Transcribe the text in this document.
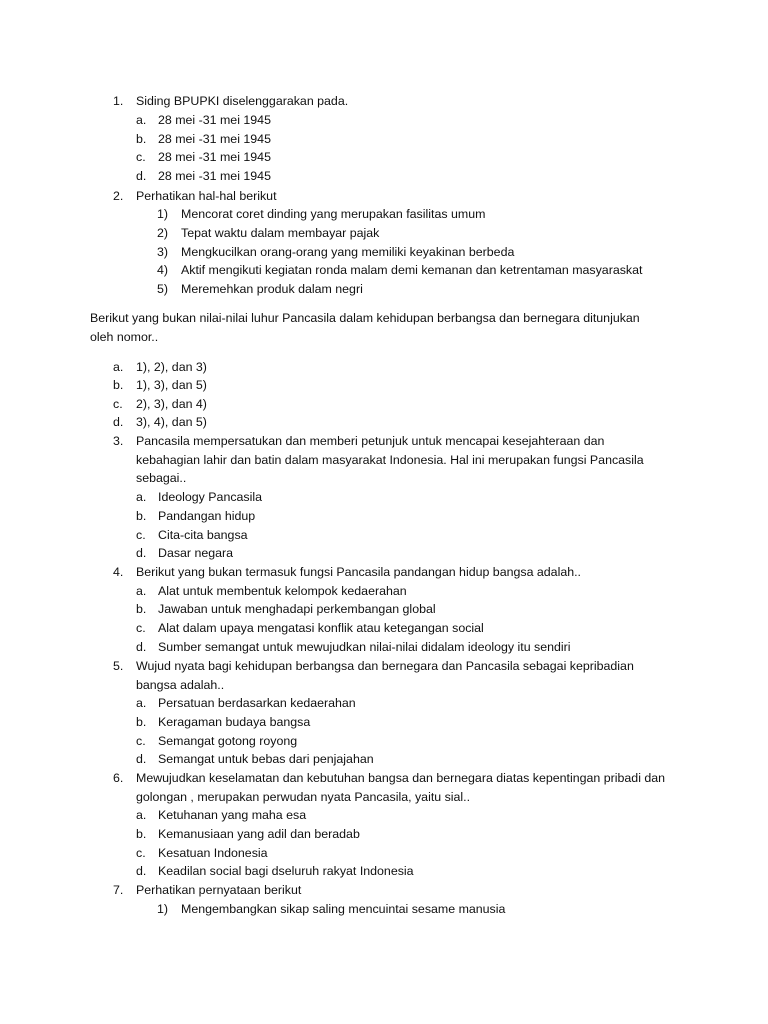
1. Siding BPUPKI diselenggarakan pada.
a. 28 mei -31 mei 1945
b. 28 mei -31 mei 1945
c. 28 mei -31 mei 1945
d. 28 mei -31 mei 1945
2. Perhatikan hal-hal berikut
1) Mencorat coret dinding yang merupakan fasilitas umum
2) Tepat waktu dalam membayar pajak
3) Mengkucilkan orang-orang yang memiliki keyakinan berbeda
4) Aktif mengikuti kegiatan ronda malam demi kemanan dan ketrentaman masyaraskat
5) Meremehkan produk dalam negri
Berikut yang bukan nilai-nilai luhur Pancasila dalam kehidupan berbangsa dan bernegara ditunjukan
oleh nomor..
a. 1), 2), dan 3)
b. 1), 3), dan 5)
c. 2), 3), dan 4)
d. 3), 4), dan 5)
3. Pancasila mempersatukan dan memberi petunjuk untuk mencapai kesejahteraan dan
kebahagian lahir dan batin dalam masyarakat Indonesia. Hal ini merupakan fungsi Pancasila
sebagai..
a. Ideology Pancasila
b. Pandangan hidup
c. Cita-cita bangsa
d. Dasar negara
4. Berikut yang bukan termasuk fungsi Pancasila pandangan hidup bangsa adalah..
a. Alat untuk membentuk kelompok kedaerahan
b. Jawaban untuk menghadapi perkembangan global
c. Alat dalam upaya mengatasi konflik atau ketegangan social
d. Sumber semangat untuk mewujudkan nilai-nilai didalam ideology itu sendiri
5. Wujud nyata bagi kehidupan berbangsa dan bernegara dan Pancasila sebagai kepribadian
bangsa adalah..
a. Persatuan berdasarkan kedaerahan
b. Keragaman budaya bangsa
c. Semangat gotong royong
d. Semangat untuk bebas dari penjajahan
6. Mewujudkan keselamatan dan kebutuhan bangsa dan bernegara diatas kepentingan pribadi dan
golongan , merupakan perwudan nyata Pancasila, yaitu sial..
a. Ketuhanan yang maha esa
b. Kemanusiaan yang adil dan beradab
c. Kesatuan Indonesia
d. Keadilan social bagi dseluruh rakyat Indonesia
7. Perhatikan pernyataan berikut
1) Mengembangkan sikap saling mencuintai sesame manusia
